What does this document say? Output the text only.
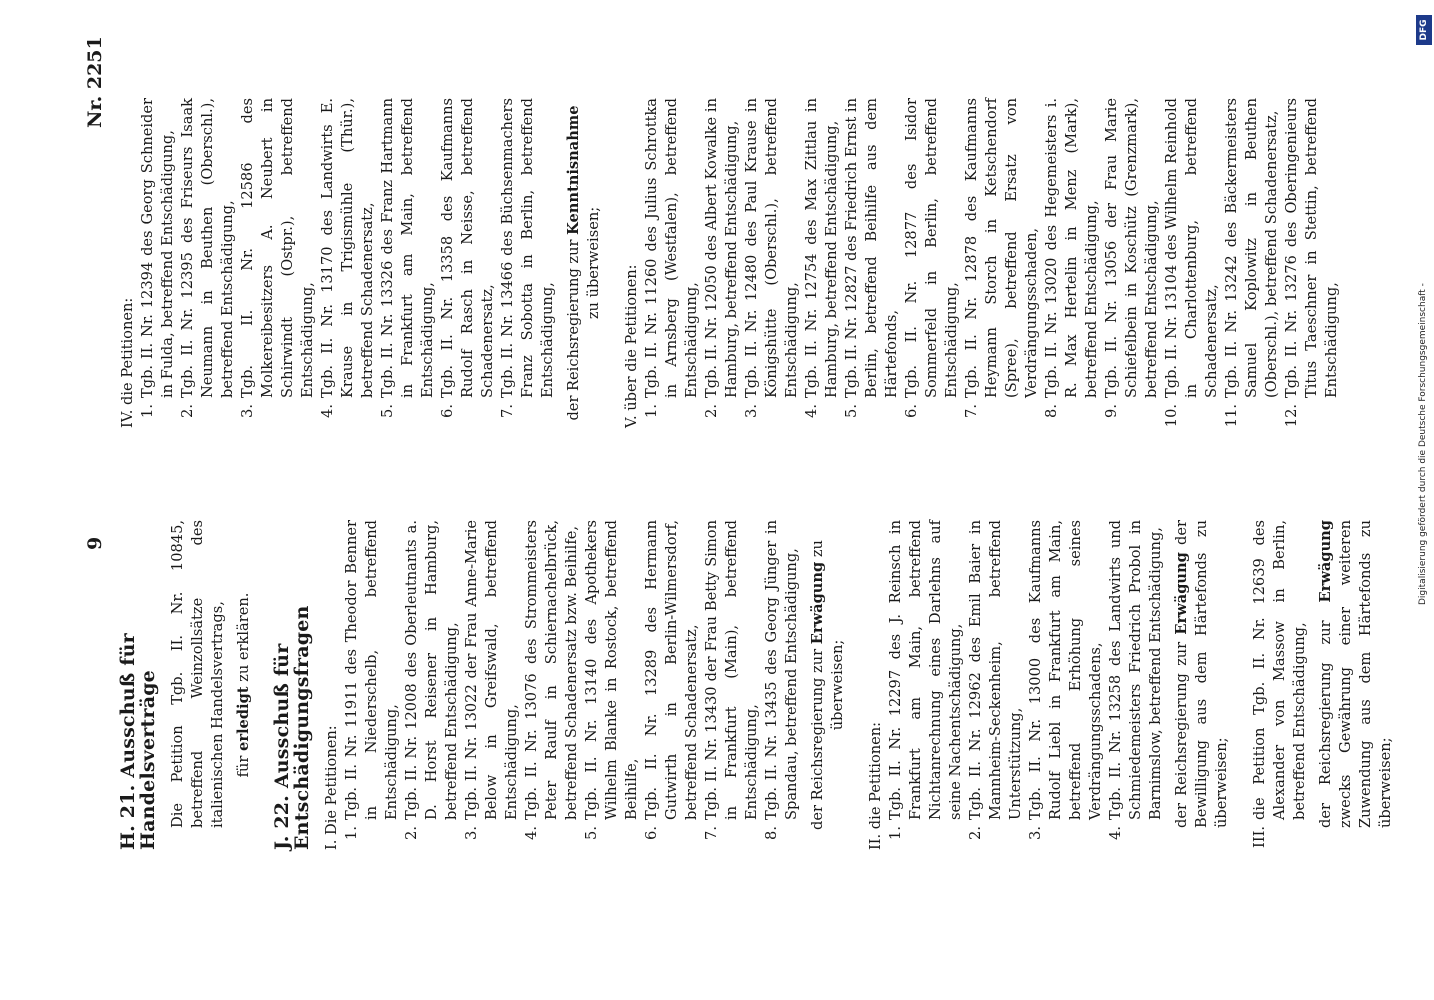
9
Nr. 2251
H. 21. Ausschuß für Handelsverträge Die Petition Tgb. II. Nr. 10845, betreffend Weinzollsätze des italienischen Handelsvertrags, für erledigt zu erklären.

J. 22. Ausschuß für Entschädigungsfragen I. Die Petitionen: 1.
Tgb. II. Nr. 11911 des Theodor Benner in Niederschelb, betreffend Entschädigung,
2.
Tgb. II. Nr. 12008 des Oberleutnants a. D. Horst Reisener in Hamburg, betreffend Entschädigung,
3.
Tgb. II. Nr. 13022 der Frau Anne-Marie Below in Greifswald, betreffend Entschädigung,
4.
Tgb. II. Nr. 13076 des Strommeisters Peter Raulf in Schiernachelbrück, betreffend Schadenersatz bzw. Beihilfe,
5.
Tgb. II. Nr. 13140 des Apothekers Wilhelm Blanke in Rostock, betreffend Beihilfe,
6.
Tgb. II. Nr. 13289 des Hermann Gutwirth in Berlin-Wilmersdorf, betreffend Schadenersatz,
7.
Tgb. II. Nr. 13430 der Frau Betty Simon in Frankfurt (Main), betreffend Entschädigung,
8.
Tgb. II. Nr. 13435 des Georg Jünger in Spandau, betreffend Entschädigung, der Reichsregierung zur Erwägung zu überweisen;

II. die Petitionen: 1.
Tgb. II. Nr. 12297 des J. Reinsch in Frankfurt am Main, betreffend Nichtanrechnung eines Darlehns auf seine Nachentschädigung,
2.
Tgb. II. Nr. 12962 des Emil Baier in Mannheim-Seckenheim, betreffend Unterstützung,
3.
Tgb. II. Nr. 13000 des Kaufmanns Rudolf Liebl in Frankfurt am Main, betreffend Erhöhung seines Verdrängungsschadens,
4.
Tgb. II. Nr. 13258 des Landwirts und Schmiedemeisters Friedrich Probol in Barnimslow, betreffend Entschädigung, der Reichsregierung zur Erwägung der Bewilligung aus dem Härtefonds zu überweisen;

III.
die Petition Tgb. II. Nr. 12639 des Alexander von Massow in Berlin, betreffend Entschädigung, der Reichsregierung zur Erwägung zwecks Gewährung einer weiteren Zuwendung aus dem Härtefonds zu überweisen;

IV. die Petitionen: 1.
Tgb. II. Nr. 12394 des Georg Schneider in Fulda, betreffend Entschädigung,
2.
Tgb. II. Nr. 12395 des Friseurs Isaak Neumann in Beuthen (Oberschl.), betreffend Entschädigung,
3.
Tgb. II. Nr. 12586 des Molkereibesitzers A. Neubert in Schirwindt (Ostpr.), betreffend Entschädigung,
4.
Tgb. II. Nr. 13170 des Landwirts E. Krause in Trigismühle (Thür.), betreffend Schadenersatz,
5.
Tgb. II. Nr. 13326 des Franz Hartmann in Frankfurt am Main, betreffend Entschädigung,
6.
Tgb. II. Nr. 13358 des Kaufmanns Rudolf Rasch in Neisse, betreffend Schadenersatz,
7.
Tgb. II. Nr. 13466 des Büchsenmachers Franz Sobotta in Berlin, betreffend Entschädigung, der Reichsregierung zur Kenntnisnahme zu überweisen;

V. über die Petitionen: 1.
Tgb. II. Nr. 11260 des Julius Schrottka in Arnsberg (Westfalen), betreffend Entschädigung,
2.
Tgb. II. Nr. 12050 des Albert Kowalke in Hamburg, betreffend Entschädigung,
3.
Tgb. II. Nr. 12480 des Paul Krause in Königshütte (Oberschl.), betreffend Entschädigung,
4.
Tgb. II. Nr. 12754 des Max Zittlau in Hamburg, betreffend Entschädigung,
5.
Tgb. II. Nr. 12827 des Friedrich Ernst in Berlin, betreffend Beihilfe aus dem Härtefonds,
6.
Tgb. II. Nr. 12877 des Isidor Sommerfeld in Berlin, betreffend Entschädigung,
7.
Tgb. II. Nr. 12878 des Kaufmanns Heymann Storch in Ketschendorf (Spree), betreffend Ersatz von Verdrängungsschaden,
8.
Tgb. II. Nr. 13020 des Hegemeisters i. R. Max Hertelin in Menz (Mark), betreffend Entschädigung,
9.
Tgb. II. Nr. 13056 der Frau Marie Schiefelbein in Koschütz (Grenzmark), betreffend Entschädigung,
10.
Tgb. II. Nr. 13104 des Wilhelm Reinhold in Charlottenburg, betreffend Schadenersatz,
11.
Tgb. II. Nr. 13242 des Bäckermeisters Samuel Koplowitz in Beuthen (Oberschl.), betreffend Schadenersatz,
12.
Tgb. II. Nr. 13276 des Oberingenieurs Titus Taeschner in Stettin, betreffend Entschädigung,	Digitalisierung gefördert durch die Deutsche Forschungsgemeinschaft -
DFG
